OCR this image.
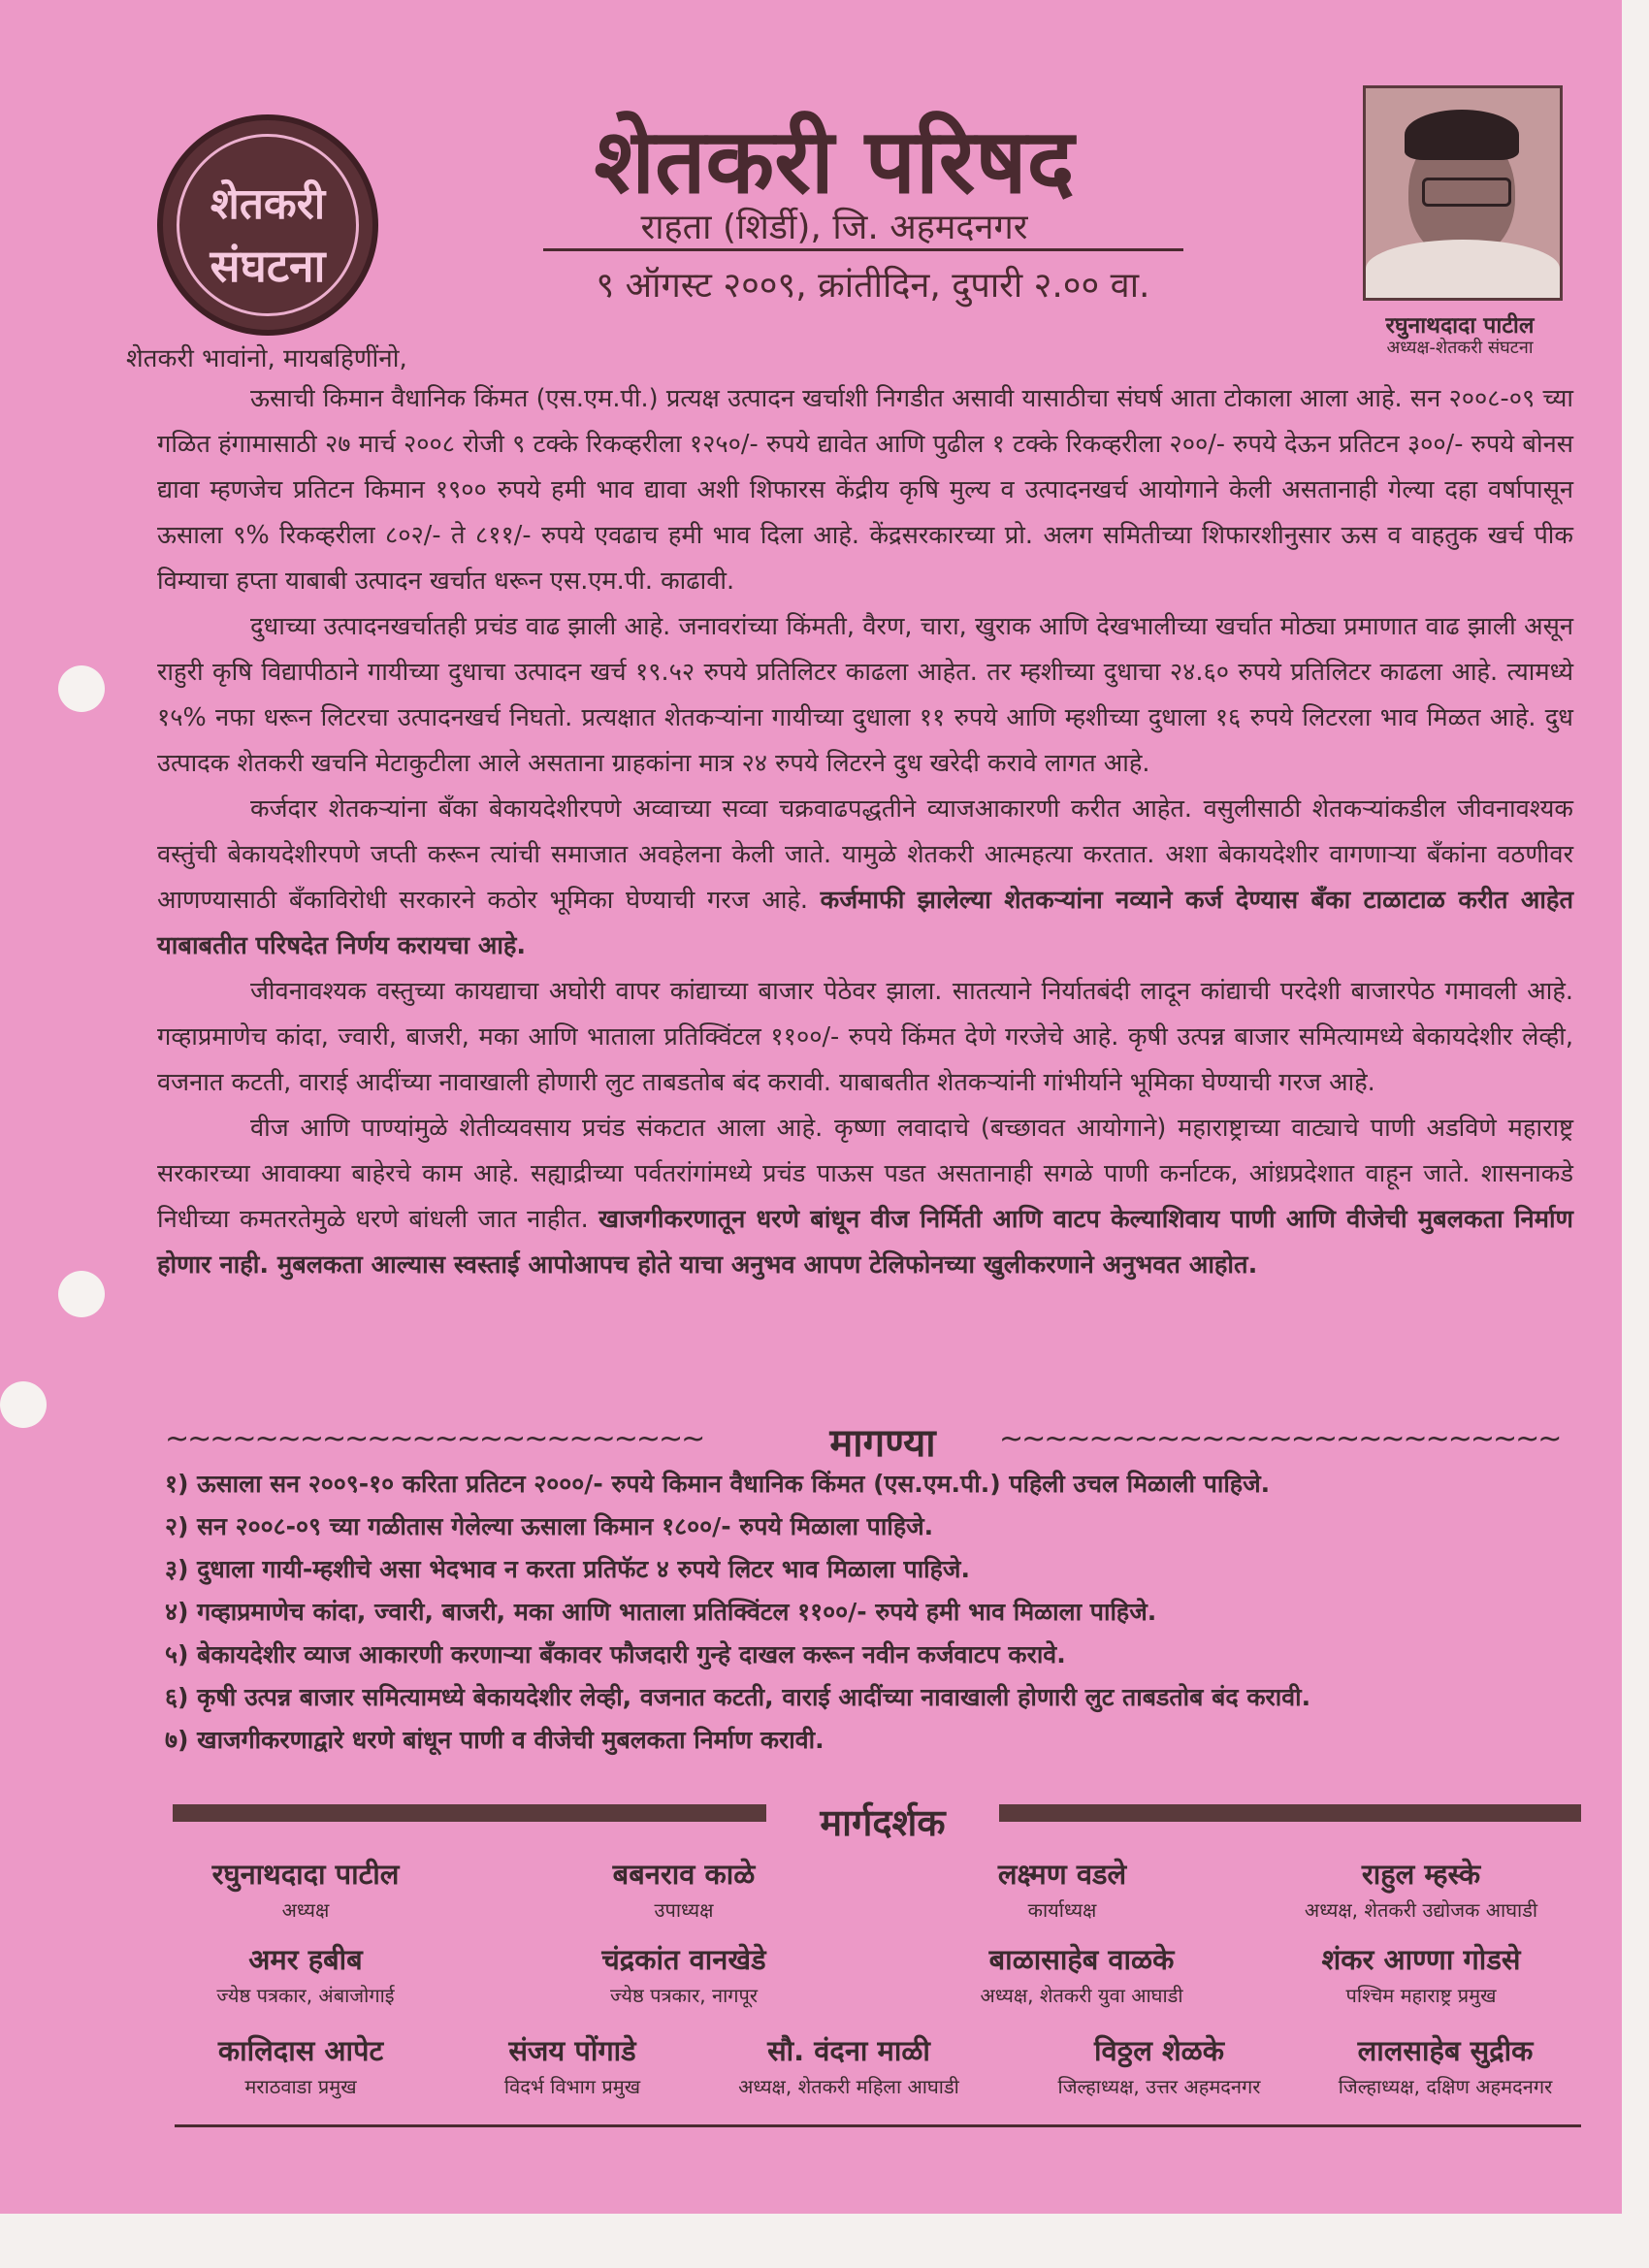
शेतकरी
संघटना
शेतकरी परिषद
राहता (शिर्डी), जि. अहमदनगर
९ ऑगस्ट २००९, क्रांतीदिन, दुपारी २.०० वा.
रघुनाथदादा पाटील
अध्यक्ष-शेतकरी संघटना
शेतकरी भावांनो, मायबहिणींनो,

ऊसाची किमान वैधानिक किंमत (एस.एम.पी.) प्रत्यक्ष उत्पादन खर्चाशी निगडीत असावी यासाठीचा संघर्ष आता टोकाला आला आहे. सन २००८-०९ च्या गळित हंगामासाठी २७ मार्च २००८ रोजी ९ टक्के रिकव्हरीला १२५०/- रुपये द्यावेत आणि पुढील १ टक्के रिकव्हरीला २००/- रुपये देऊन प्रतिटन ३००/- रुपये बोनस द्यावा म्हणजेच प्रतिटन किमान १९०० रुपये हमी भाव द्यावा अशी शिफारस केंद्रीय कृषि मुल्य व उत्पादनखर्च आयोगाने केली असतानाही गेल्या दहा वर्षापासून ऊसाला ९% रिकव्हरीला ८०२/- ते ८११/- रुपये एवढाच हमी भाव दिला आहे. केंद्रसरकारच्या प्रो. अलग समितीच्या शिफारशीनुसार ऊस व वाहतुक खर्च पीक विम्याचा हप्ता याबाबी उत्पादन खर्चात धरून एस.एम.पी. काढावी.

दुधाच्या उत्पादनखर्चातही प्रचंड वाढ झाली आहे. जनावरांच्या किंमती, वैरण, चारा, खुराक आणि देखभालीच्या खर्चात मोठ्या प्रमाणात वाढ झाली असून राहुरी कृषि विद्यापीठाने गायीच्या दुधाचा उत्पादन खर्च १९.५२ रुपये प्रतिलिटर काढला आहेत. तर म्हशीच्या दुधाचा २४.६० रुपये प्रतिलिटर काढला आहे. त्यामध्ये १५% नफा धरून लिटरचा उत्पादनखर्च निघतो. प्रत्यक्षात शेतकऱ्यांना गायीच्या दुधाला ११ रुपये आणि म्हशीच्या दुधाला १६ रुपये लिटरला भाव मिळत आहे. दुध उत्पादक शेतकरी खचनि मेटाकुटीला आले असताना ग्राहकांना मात्र २४ रुपये लिटरने दुध खरेदी करावे लागत आहे.

कर्जदार शेतकऱ्यांना बँका बेकायदेशीरपणे अव्वाच्या सव्वा चक्रवाढपद्धतीने व्याजआकारणी करीत आहेत. वसुलीसाठी शेतकऱ्यांकडील जीवनावश्यक वस्तुंची बेकायदेशीरपणे जप्ती करून त्यांची समाजात अवहेलना केली जाते. यामुळे शेतकरी आत्महत्या करतात. अशा बेकायदेशीर वागणाऱ्या बँकांना वठणीवर आणण्यासाठी बँकाविरोधी सरकारने कठोर भूमिका घेण्याची गरज आहे. कर्जमाफी झालेल्या शेतकऱ्यांना नव्याने कर्ज देण्यास बँका टाळाटाळ करीत आहेत याबाबतीत परिषदेत निर्णय करायचा आहे.

जीवनावश्यक वस्तुच्या कायद्याचा अघोरी वापर कांद्याच्या बाजार पेठेवर झाला. सातत्याने निर्यातबंदी लादून कांद्याची परदेशी बाजारपेठ गमावली आहे. गव्हाप्रमाणेच कांदा, ज्वारी, बाजरी, मका आणि भाताला प्रतिक्विंटल ११००/- रुपये किंमत देणे गरजेचे आहे. कृषी उत्पन्न बाजार समित्यामध्ये बेकायदेशीर लेव्ही, वजनात कटती, वाराई आदींच्या नावाखाली होणारी लुट ताबडतोब बंद करावी. याबाबतीत शेतकऱ्यांनी गांभीर्याने भूमिका घेण्याची गरज आहे.

वीज आणि पाण्यांमुळे शेतीव्यवसाय प्रचंड संकटात आला आहे. कृष्णा लवादाचे (बच्छावत आयोगाने) महाराष्ट्राच्या वाट्याचे पाणी अडविणे महाराष्ट्र सरकारच्या आवाक्या बाहेरचे काम आहे. सह्याद्रीच्या पर्वतरांगांमध्ये प्रचंड पाऊस पडत असतानाही सगळे पाणी कर्नाटक, आंध्रप्रदेशात वाहून जाते. शासनाकडे निधीच्या कमतरतेमुळे धरणे बांधली जात नाहीत. खाजगीकरणातून धरणे बांधून वीज निर्मिती आणि वाटप केल्याशिवाय पाणी आणि वीजेची मुबलकता निर्माण होणार नाही. मुबलकता आल्यास स्वस्ताई आपोआपच होते याचा अनुभव आपण टेलिफोनच्या खुलीकरणाने अनुभवत आहोत.

~~~~~~~~~~~~~~~~~~~~~~~~	~~~~~~~~~~~~~~~~~~~~~~~~~
मागण्या
१) ऊसाला सन २००९-१० करिता प्रतिटन २०००/- रुपये किमान वैधानिक किंमत (एस.एम.पी.) पहिली उचल मिळाली पाहिजे.
२) सन २००८-०९ च्या गळीतास गेलेल्या ऊसाला किमान १८००/- रुपये मिळाला पाहिजे.
३) दुधाला गायी-म्हशीचे असा भेदभाव न करता प्रतिफॅट ४ रुपये लिटर भाव मिळाला पाहिजे.
४) गव्हाप्रमाणेच कांदा, ज्वारी, बाजरी, मका आणि भाताला प्रतिक्विंटल ११००/- रुपये हमी भाव मिळाला पाहिजे.
५) बेकायदेशीर व्याज आकारणी करणाऱ्या बँकावर फौजदारी गुन्हे दाखल करून नवीन कर्जवाटप करावे.
६) कृषी उत्पन्न बाजार समित्यामध्ये बेकायदेशीर लेव्ही, वजनात कटती, वाराई आदींच्या नावाखाली होणारी लुट ताबडतोब बंद करावी.
७) खाजगीकरणाद्वारे धरणे बांधून पाणी व वीजेची मुबलकता निर्माण करावी.
मार्गदर्शक
रघुनाथदादा पाटील
अध्यक्ष
बबनराव काळे
उपाध्यक्ष
लक्ष्मण वडले
कार्याध्यक्ष
राहुल म्हस्के
अध्यक्ष, शेतकरी उद्योजक आघाडी
अमर हबीब
ज्येष्ठ पत्रकार, अंबाजोगाई
चंद्रकांत वानखेडे
ज्येष्ठ पत्रकार, नागपूर
बाळासाहेब वाळके
अध्यक्ष, शेतकरी युवा आघाडी
शंकर आण्णा गोडसे
पश्चिम महाराष्ट्र प्रमुख
कालिदास आपेट
मराठवाडा प्रमुख
संजय पोंगाडे
विदर्भ विभाग प्रमुख
सौ. वंदना माळी
अध्यक्ष, शेतकरी महिला आघाडी
विठ्ठल शेळके
जिल्हाध्यक्ष, उत्तर अहमदनगर
लालसाहेब सुद्रीक
जिल्हाध्यक्ष, दक्षिण अहमदनगर
